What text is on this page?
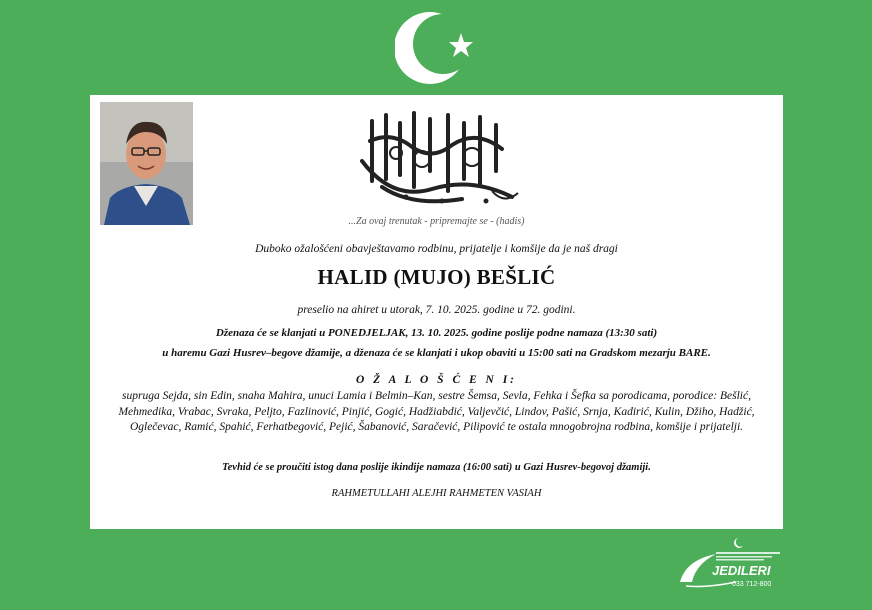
...Za ovaj trenutak - pripremajte se - (hadis)
Duboko ožalošćeni obavještavamo rodbinu, prijatelje i komšije da je naš dragi
HALID (MUJO) BEŠLIĆ
preselio na ahiret u utorak, 7. 10. 2025. godine u 72. godini.
Dženaza će se klanjati u PONEDJELJAK, 13. 10. 2025. godine poslije podne namaza (13:30 sati)
u haremu Gazi Husrev–begove džamije, a dženaza će se klanjati i ukop obaviti u 15:00 sati na Gradskom mezarju BARE.
O Ž A L O Š Ć E N I:
supruga Sejda, sin Edin, snaha Mahira, unuci Lamia i Belmin–Kan, sestre Šemsa, Sevla, Fehka i Šefka sa porodicama, porodice: Bešlić, Mehmedika, Vrabac, Svraka, Peljto, Fazlinović, Pinjić, Gogić, Hadžiabdić, Valjevčić, Lindov, Pašić, Srnja, Kadirić, Kulin, Džiho, Hadžić, Oglečevac, Ramić, Spahić, Ferhatbegović, Pejić, Šabanović, Saračević, Pilipović te ostala mnogobrojna rodbina, komšije i prijatelji.
Tevhid će se proučiti istog dana poslije ikindije namaza (16:00 sati) u Gazi Husrev-begovoj džamiji.
RAHMETULLAHI ALEJHI RAHMETEN VASIAH
JEDILERI
033 712-800
